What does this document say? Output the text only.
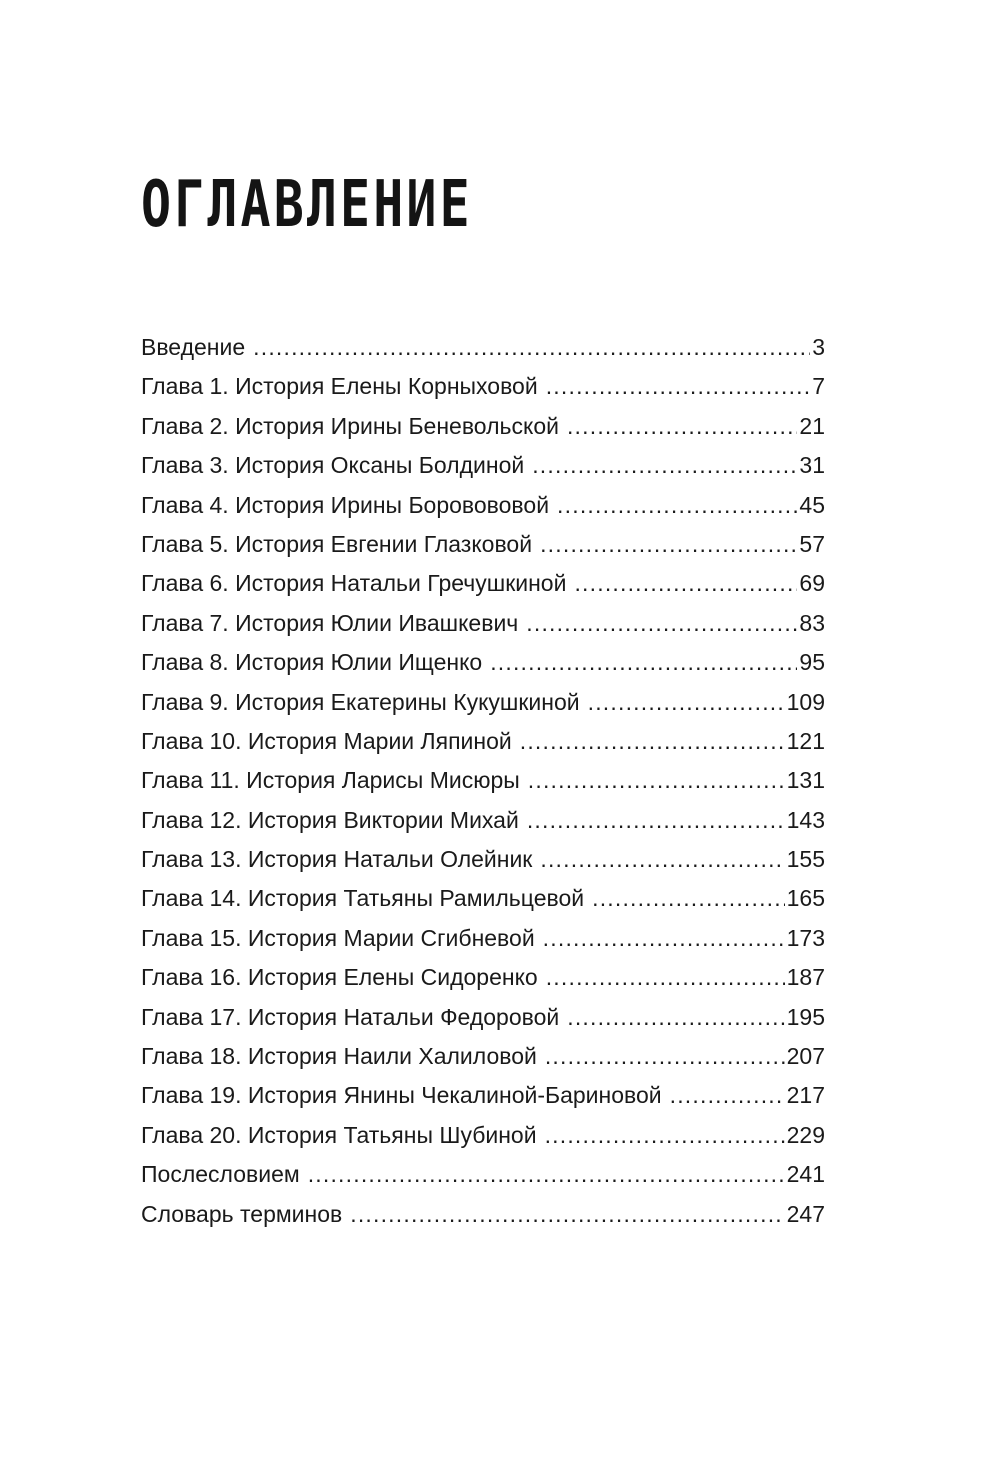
ОГЛАВЛЕНИЕ
Введение .....	3
Глава 1. История Елены Корныховой .....	7
Глава 2. История Ирины Беневольской .....	21
Глава 3. История Оксаны Болдиной .....	31
Глава 4. История Ирины Боровововой .....	45
Глава 5. История Евгении Глазковой .....	57
Глава 6. История Натальи Гречушкиной .....	69
Глава 7. История Юлии Ивашкевич .....	83
Глава 8. История Юлии Ищенко .....	95
Глава 9. История Екатерины Кукушкиной .....	109
Глава 10. История Марии Ляпиной .....	121
Глава 11. История Ларисы Мисюры .....	131
Глава 12. История Виктории Михай .....	143
Глава 13. История Натальи Олейник .....	155
Глава 14. История Татьяны Рамильцевой .....	165
Глава 15. История Марии Сгибневой .....	173
Глава 16. История Елены Сидоренко .....	187
Глава 17. История Натальи Федоровой .....	195
Глава 18. История Наили Халиловой .....	207
Глава 19. История Янины Чекалиной-Бариновой .....	217
Глава 20. История Татьяны Шубиной .....	229
Послесловием .....	241
Словарь терминов .....	247
